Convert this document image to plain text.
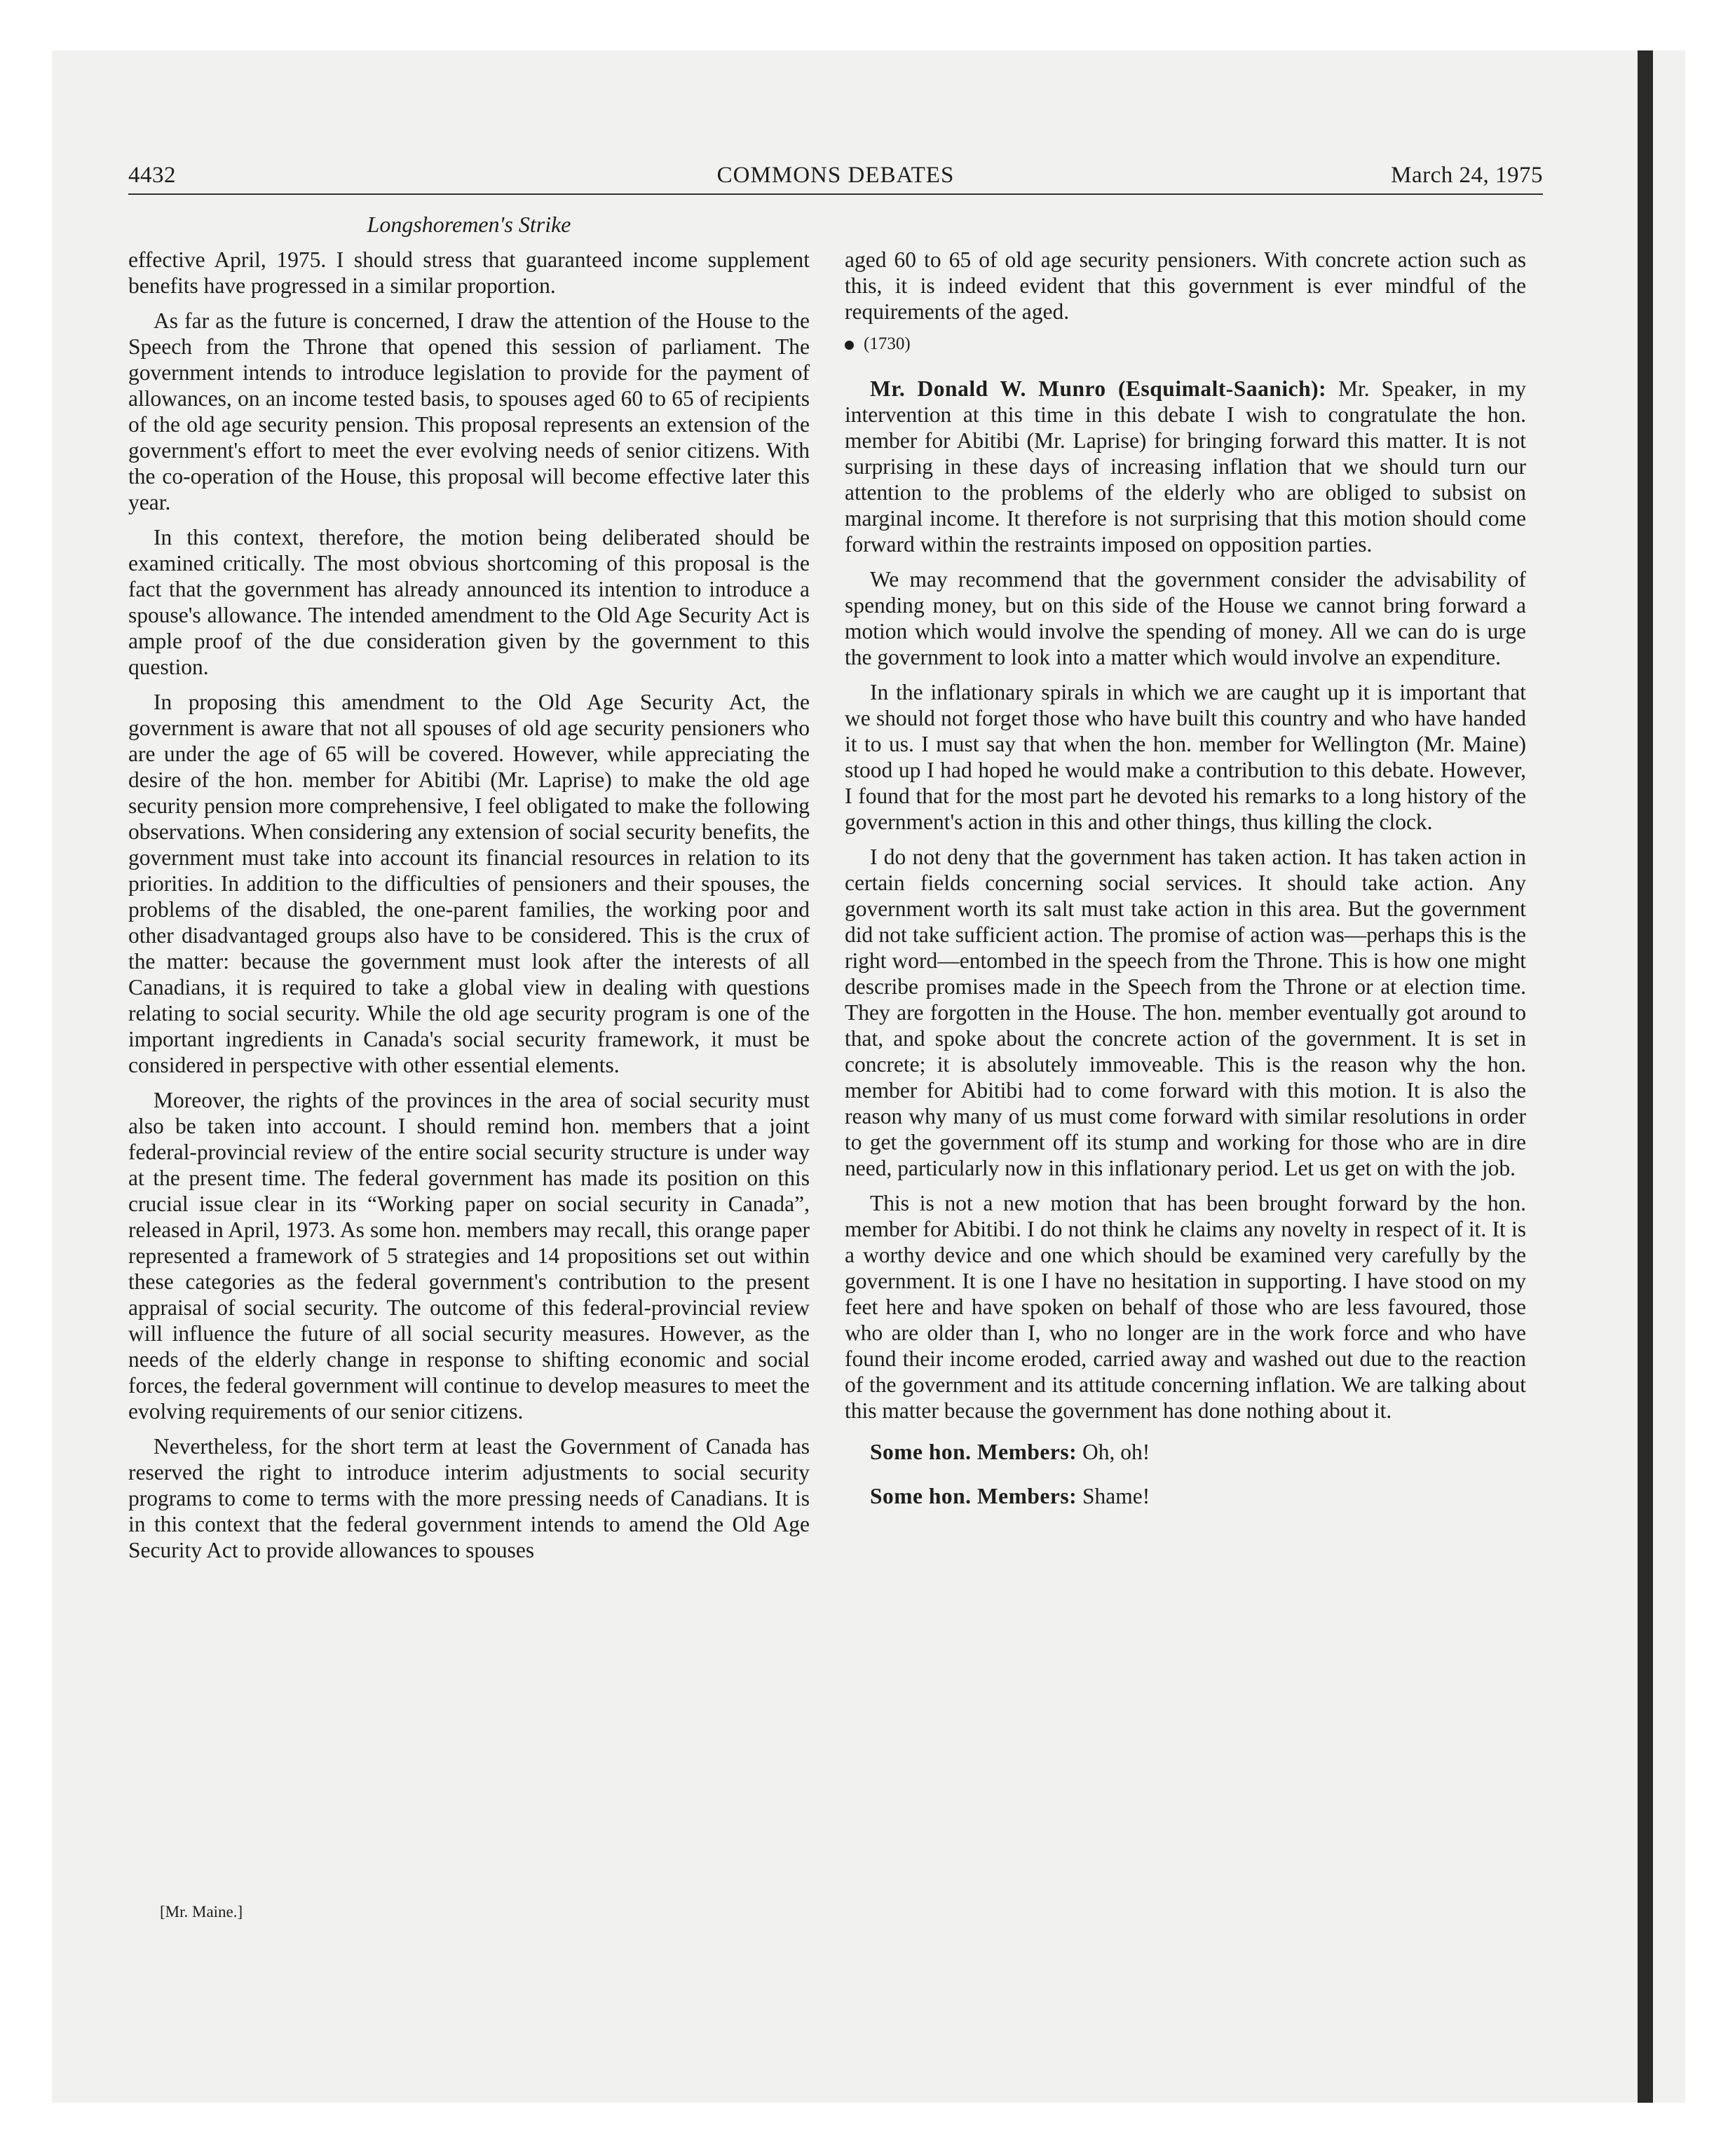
4432	COMMONS DEBATES	March 24, 1975
Longshoremen's Strike

effective April, 1975. I should stress that guaranteed income supplement benefits have progressed in a similar proportion.

As far as the future is concerned, I draw the attention of the House to the Speech from the Throne that opened this session of parliament. The government intends to introduce legislation to provide for the payment of allowances, on an income tested basis, to spouses aged 60 to 65 of recipients of the old age security pension. This proposal represents an extension of the government's effort to meet the ever evolving needs of senior citizens. With the co-operation of the House, this proposal will become effective later this year.

In this context, therefore, the motion being deliberated should be examined critically. The most obvious shortcoming of this proposal is the fact that the government has already announced its intention to introduce a spouse's allowance. The intended amendment to the Old Age Security Act is ample proof of the due consideration given by the government to this question.

In proposing this amendment to the Old Age Security Act, the government is aware that not all spouses of old age security pensioners who are under the age of 65 will be covered. However, while appreciating the desire of the hon. member for Abitibi (Mr. Laprise) to make the old age security pension more comprehensive, I feel obligated to make the following observations. When considering any extension of social security benefits, the government must take into account its financial resources in relation to its priorities. In addition to the difficulties of pensioners and their spouses, the problems of the disabled, the one-parent families, the working poor and other disadvantaged groups also have to be considered. This is the crux of the matter: because the government must look after the interests of all Canadians, it is required to take a global view in dealing with questions relating to social security. While the old age security program is one of the important ingredients in Canada's social security framework, it must be considered in perspective with other essential elements.

Moreover, the rights of the provinces in the area of social security must also be taken into account. I should remind hon. members that a joint federal-provincial review of the entire social security structure is under way at the present time. The federal government has made its position on this crucial issue clear in its “Working paper on social security in Canada”, released in April, 1973. As some hon. members may recall, this orange paper represented a framework of 5 strategies and 14 propositions set out within these categories as the federal government's contribution to the present appraisal of social security. The outcome of this federal-provincial review will influence the future of all social security measures. However, as the needs of the elderly change in response to shifting economic and social forces, the federal government will continue to develop measures to meet the evolving requirements of our senior citizens.

Nevertheless, for the short term at least the Government of Canada has reserved the right to introduce interim adjustments to social security programs to come to terms with the more pressing needs of Canadians. It is in this context that the federal government intends to amend the Old Age Security Act to provide allowances to spouses

[Mr. Maine.]

aged 60 to 65 of old age security pensioners. With concrete action such as this, it is indeed evident that this government is ever mindful of the requirements of the aged.

(1730)

Mr. Donald W. Munro (Esquimalt-Saanich): Mr. Speaker, in my intervention at this time in this debate I wish to congratulate the hon. member for Abitibi (Mr. Laprise) for bringing forward this matter. It is not surprising in these days of increasing inflation that we should turn our attention to the problems of the elderly who are obliged to subsist on marginal income. It therefore is not surprising that this motion should come forward within the restraints imposed on opposition parties.

We may recommend that the government consider the advisability of spending money, but on this side of the House we cannot bring forward a motion which would involve the spending of money. All we can do is urge the government to look into a matter which would involve an expenditure.

In the inflationary spirals in which we are caught up it is important that we should not forget those who have built this country and who have handed it to us. I must say that when the hon. member for Wellington (Mr. Maine) stood up I had hoped he would make a contribution to this debate. However, I found that for the most part he devoted his remarks to a long history of the government's action in this and other things, thus killing the clock.

I do not deny that the government has taken action. It has taken action in certain fields concerning social services. It should take action. Any government worth its salt must take action in this area. But the government did not take sufficient action. The promise of action was—perhaps this is the right word—entombed in the speech from the Throne. This is how one might describe promises made in the Speech from the Throne or at election time. They are forgotten in the House. The hon. member eventually got around to that, and spoke about the concrete action of the government. It is set in concrete; it is absolutely immoveable. This is the reason why the hon. member for Abitibi had to come forward with this motion. It is also the reason why many of us must come forward with similar resolutions in order to get the government off its stump and working for those who are in dire need, particularly now in this inflationary period. Let us get on with the job.

This is not a new motion that has been brought forward by the hon. member for Abitibi. I do not think he claims any novelty in respect of it. It is a worthy device and one which should be examined very carefully by the government. It is one I have no hesitation in supporting. I have stood on my feet here and have spoken on behalf of those who are less favoured, those who are older than I, who no longer are in the work force and who have found their income eroded, carried away and washed out due to the reaction of the government and its attitude concerning inflation. We are talking about this matter because the government has done nothing about it.

Some hon. Members: Oh, oh!
Some hon. Members: Shame!
